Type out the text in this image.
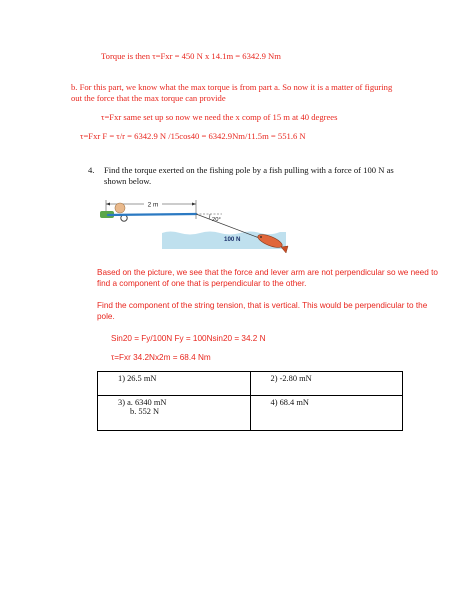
Torque is then τ=Fxr = 450 N x 14.1m = 6342.9 Nm

b. For this part, we know what the max torque is from part a. So now it is a matter of figuring

out the force that the max torque can provide

τ=Fxr same set up so now we need the x comp of 15 m at 40 degrees

τ=Fxr F = τ/r = 6342.9 N /15cos40 = 6342.9Nm/11.5m = 551.6 N

4. Find the torque exerted on the fishing pole by a fish pulling with a force of 100 N as

shown below.

2 m
20°
100 N

Based on the picture, we see that the force and lever arm are not perpendicular so we need to

find a component of one that is perpendicular to the other.

Find the component of the string tension, that is vertical. This would be perpendicular to the

pole.

Sin20 = Fy/100N Fy = 100Nsin20 = 34.2 N

τ=Fxr 34.2Nx2m = 68.4 Nm

1) 26.5 mN	2) -2.80 mN
3) a. 6340 mN
b. 552 N	4) 68.4 mN
